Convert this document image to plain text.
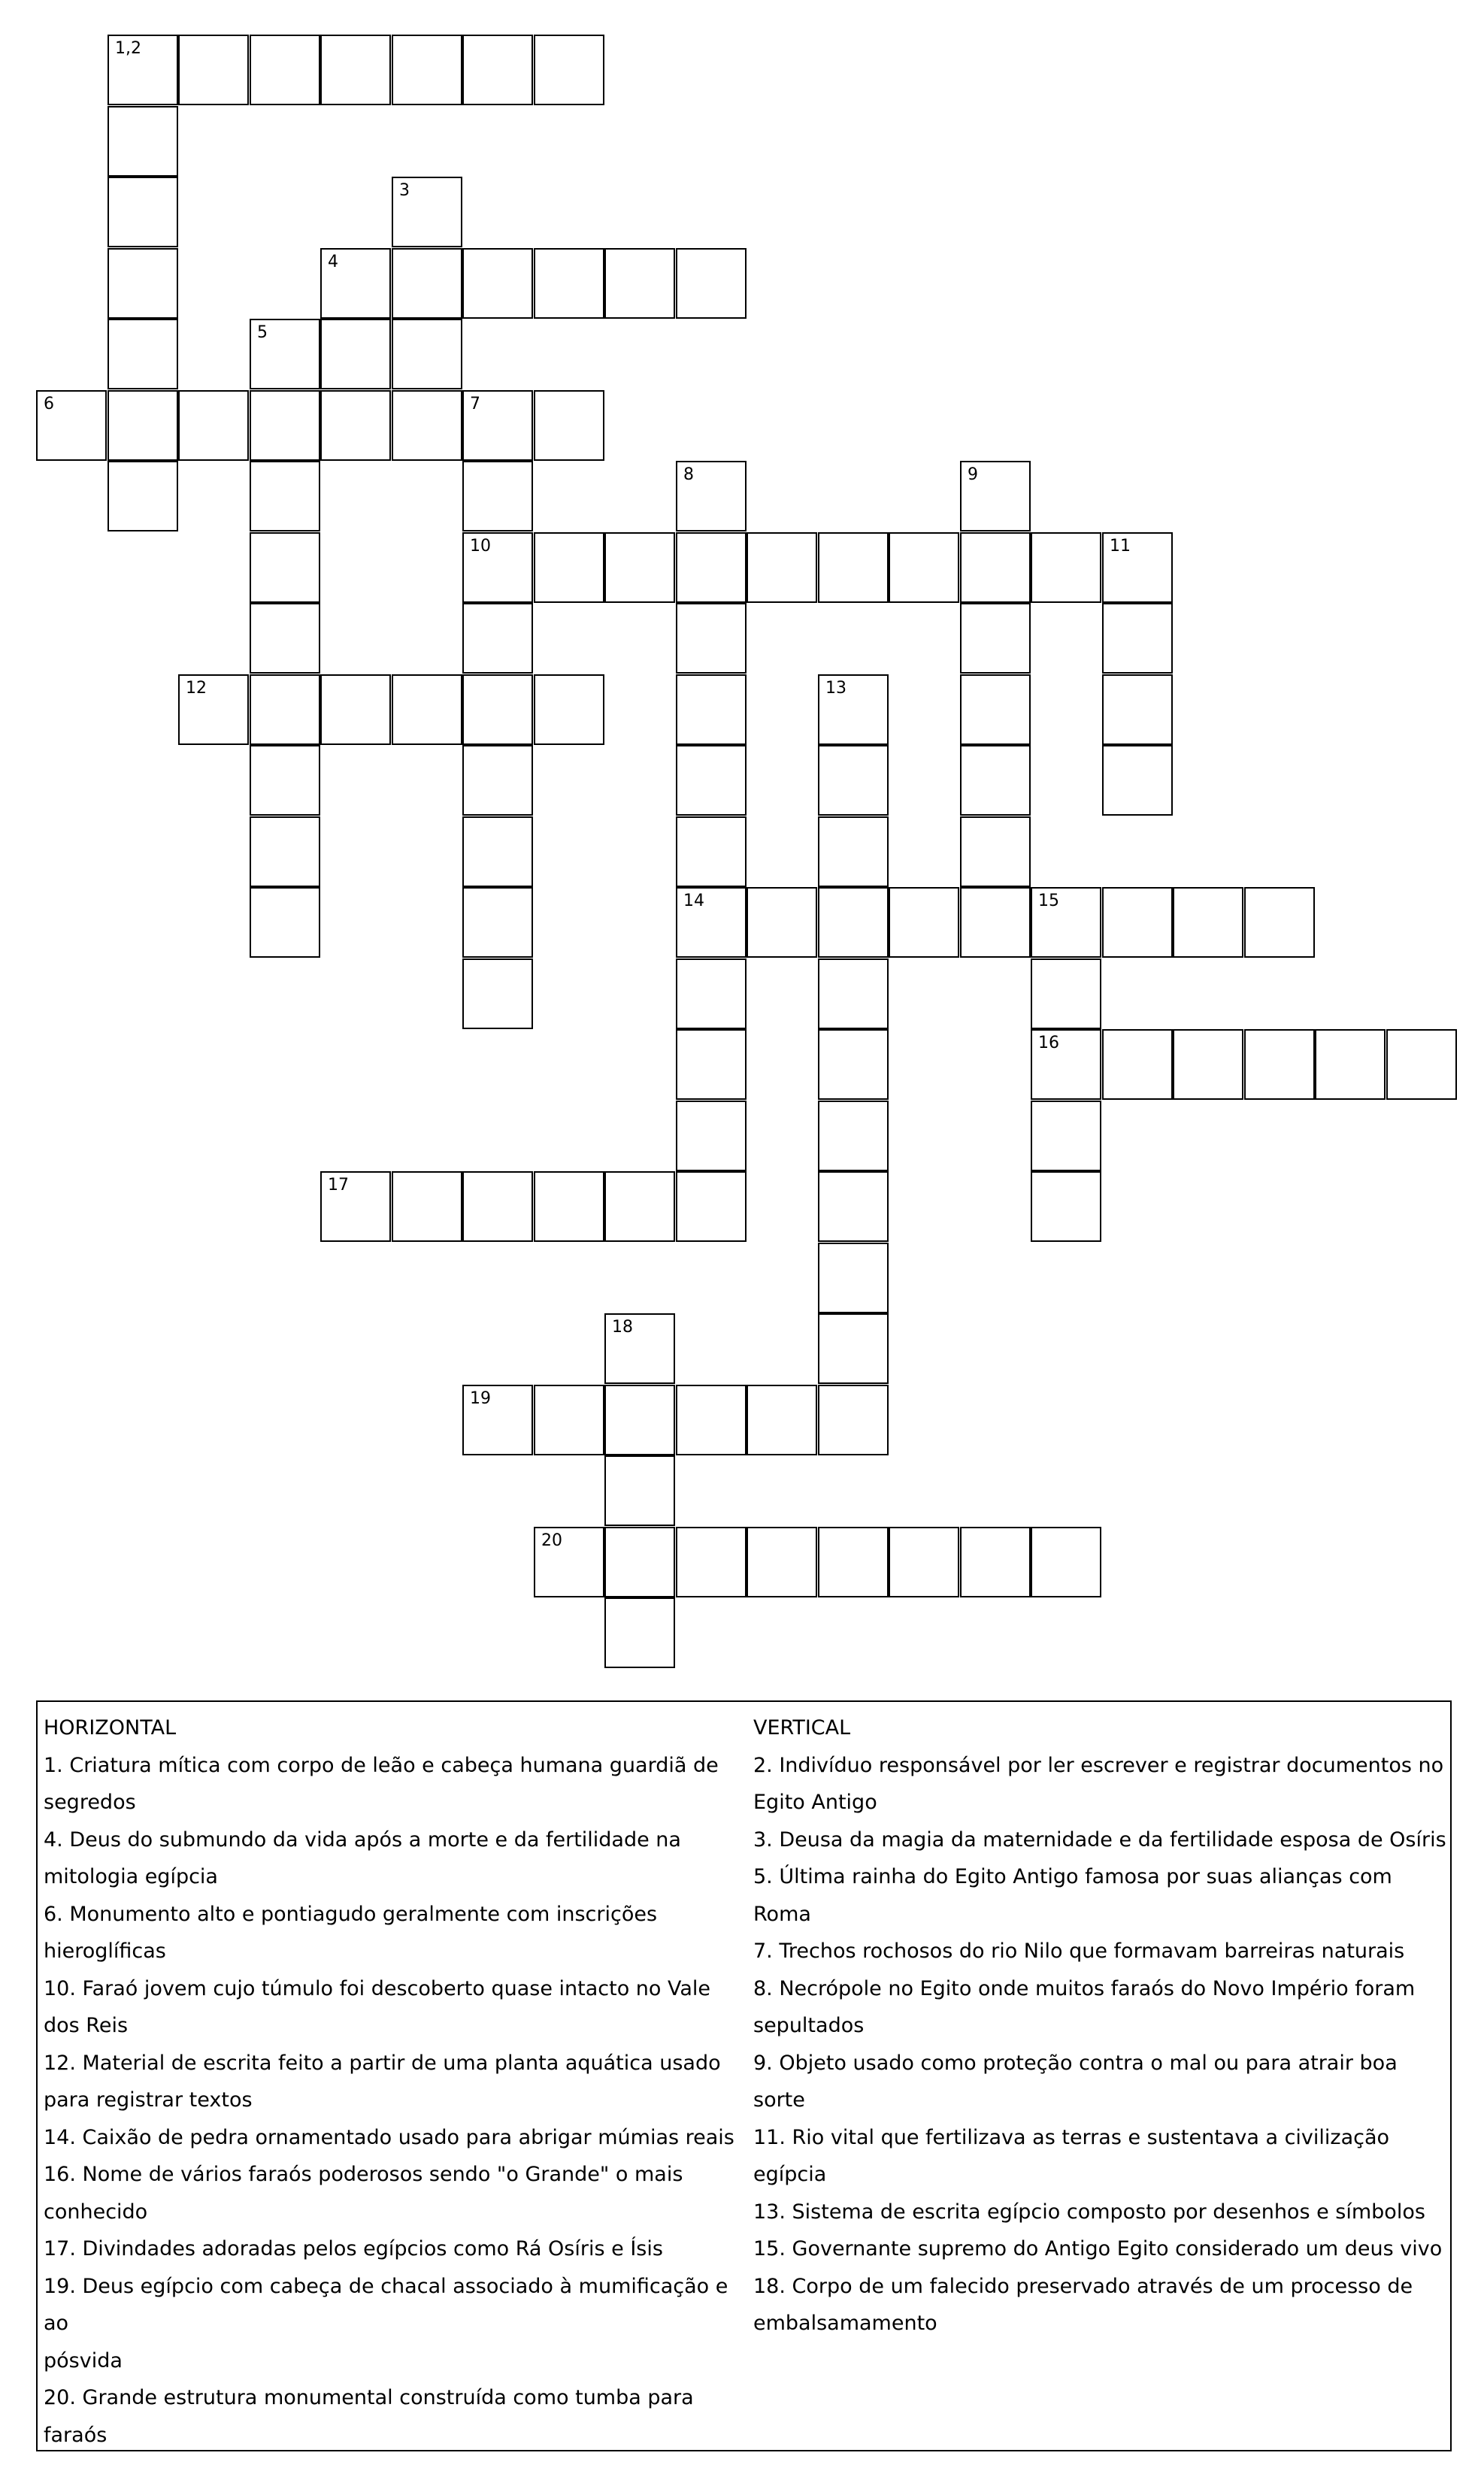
1,2
3
4
5
6	7
8	9
10	11
12	13
14	15
16
17
18
19
20

HORIZONTAL

1. Criatura mítica com corpo de leão e cabeça humana guardiã de

segredos

4. Deus do submundo da vida após a morte e da fertilidade na

mitologia egípcia

6. Monumento alto e pontiagudo geralmente com inscrições

hieroglíficas

10. Faraó jovem cujo túmulo foi descoberto quase intacto no Vale

dos Reis

12. Material de escrita feito a partir de uma planta aquática usado

para registrar textos

14. Caixão de pedra ornamentado usado para abrigar múmias reais

16. Nome de vários faraós poderosos sendo "o Grande" o mais

conhecido

17. Divindades adoradas pelos egípcios como Rá Osíris e Ísis

19. Deus egípcio com cabeça de chacal associado à mumificação e ao

pósvida

20. Grande estrutura monumental construída como tumba para

faraós

VERTICAL

2. Indivíduo responsável por ler escrever e registrar documentos no

Egito Antigo

3. Deusa da magia da maternidade e da fertilidade esposa de Osíris

5. Última rainha do Egito Antigo famosa por suas alianças com Roma

7. Trechos rochosos do rio Nilo que formavam barreiras naturais

8. Necrópole no Egito onde muitos faraós do Novo Império foram

sepultados

9. Objeto usado como proteção contra o mal ou para atrair boa sorte

11. Rio vital que fertilizava as terras e sustentava a civilização

egípcia

13. Sistema de escrita egípcio composto por desenhos e símbolos

15. Governante supremo do Antigo Egito considerado um deus vivo

18. Corpo de um falecido preservado através de um processo de

embalsamamento
